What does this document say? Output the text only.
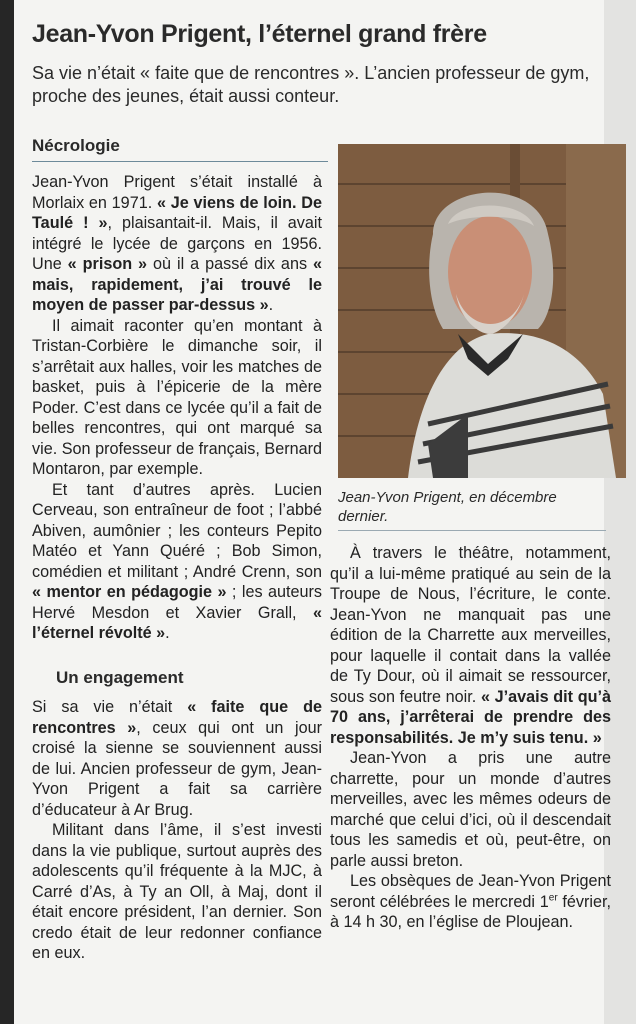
Jean-Yvon Prigent, l’éternel grand frère
Sa vie n’était « faite que de rencontres ». L’ancien professeur de gym, proche des jeunes, était aussi conteur.
Nécrologie

Jean-Yvon Prigent s’était installé à Morlaix en 1971. « Je viens de loin. De Taulé ! », plaisantait-il. Mais, il avait intégré le lycée de garçons en 1956. Une « prison » où il a passé dix ans « mais, rapidement, j’ai trouvé le moyen de passer par-dessus ».

Il aimait raconter qu’en montant à Tristan-Corbière le dimanche soir, il s’arrêtait aux halles, voir les matches de basket, puis à l’épicerie de la mère Poder. C’est dans ce lycée qu’il a fait de belles rencontres, qui ont marqué sa vie. Son professeur de français, Bernard Montaron, par exemple.

Et tant d’autres après. Lucien Cerveau, son entraîneur de foot ; l’abbé Abiven, aumônier ; les conteurs Pepito Matéo et Yann Quéré ; Bob Simon, comédien et militant ; André Crenn, son « mentor en pédagogie » ; les auteurs Hervé Mesdon et Xavier Grall, « l’éternel révolté ».

Un engagement

Si sa vie n’était « faite que de rencontres », ceux qui ont un jour croisé la sienne se souviennent aussi de lui. Ancien professeur de gym, Jean-Yvon Prigent a fait sa carrière d’éducateur à Ar Brug.

Militant dans l’âme, il s’est investi dans la vie publique, surtout auprès des adolescents qu’il fréquente à la MJC, à Carré d’As, à Ty an Oll, à Maj, dont il était encore président, l’an dernier. Son credo était de leur redonner confiance en eux.

Jean-Yvon Prigent, en décembre dernier.

À travers le théâtre, notamment, qu’il a lui-même pratiqué au sein de la Troupe de Nous, l’écriture, le conte. Jean-Yvon ne manquait pas une édition de la Charrette aux merveilles, pour laquelle il contait dans la vallée de Ty Dour, où il aimait se ressourcer, sous son feutre noir. « J’avais dit qu’à 70 ans, j’arrêterai de prendre des responsabilités. Je m’y suis tenu. »

Jean-Yvon a pris une autre charrette, pour un monde d’autres merveilles, avec les mêmes odeurs de marché que celui d’ici, où il descendait tous les samedis et où, peut-être, on parle aussi breton.

Les obsèques de Jean-Yvon Prigent seront célébrées le mercredi 1er février, à 14 h 30, en l’église de Ploujean.
